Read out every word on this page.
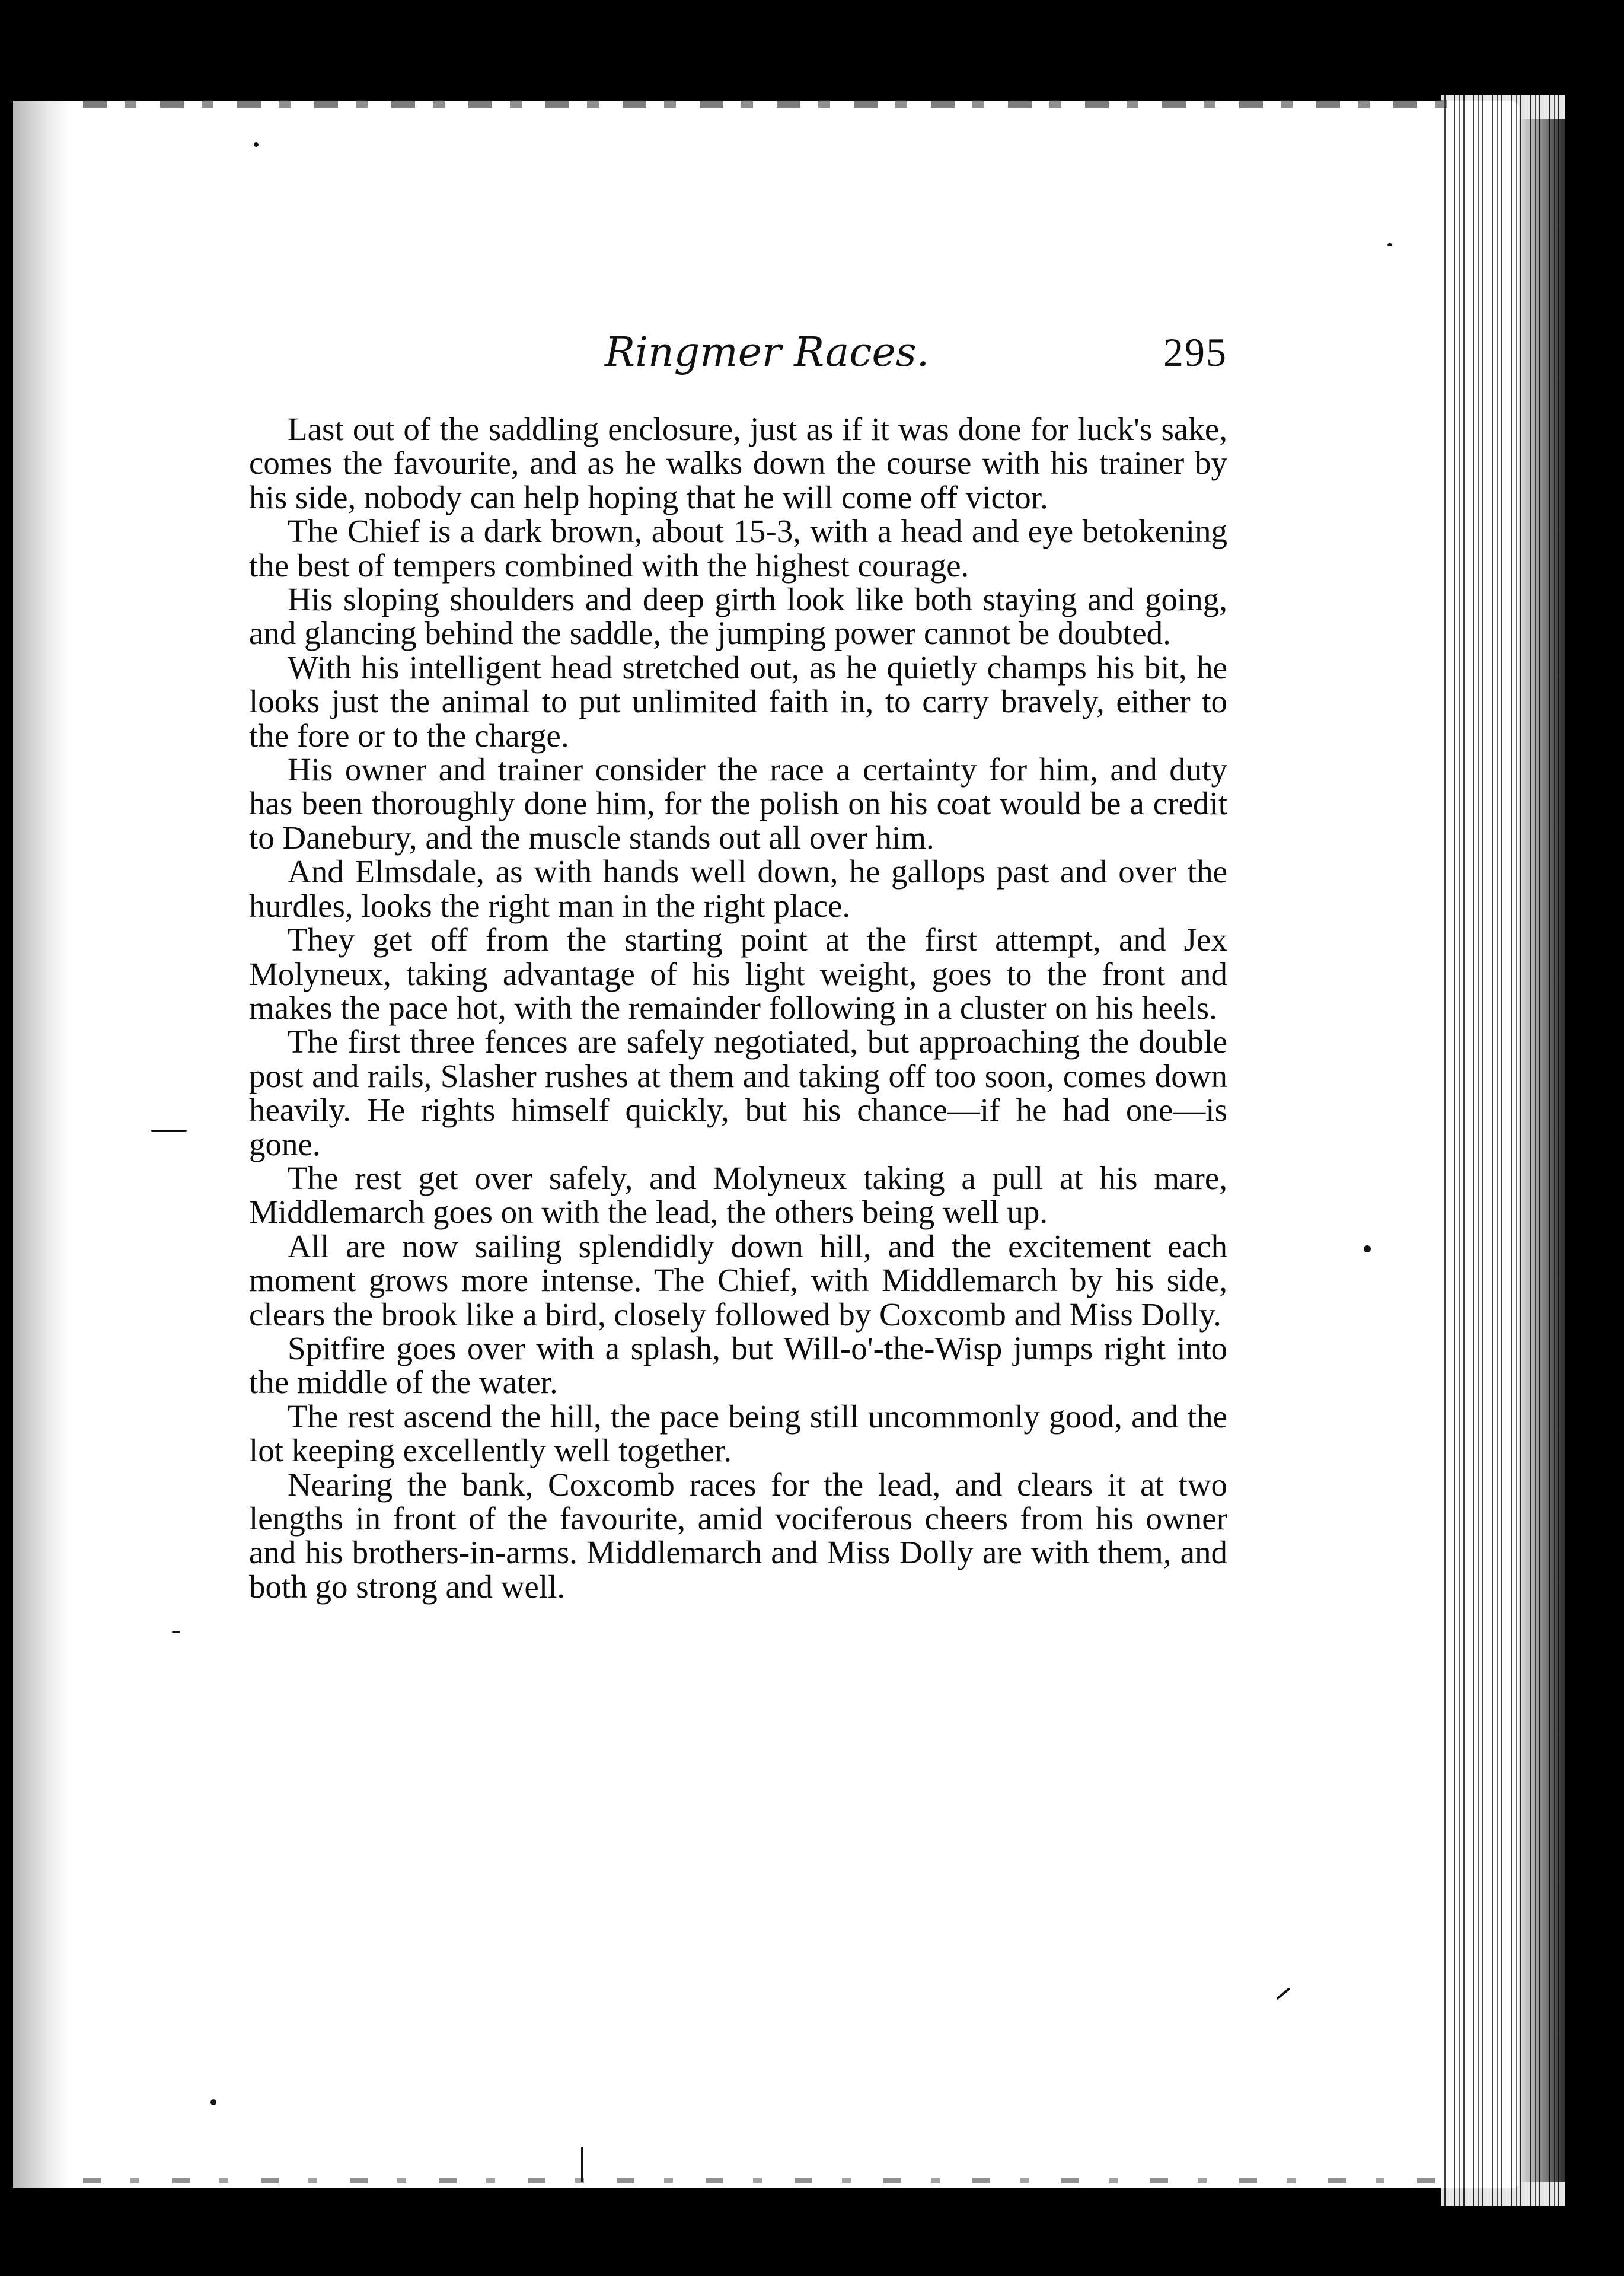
Ringmer Races.	295

Last out of the saddling enclosure, just as if it was done for luck's sake, comes the favourite, and as he walks down the course with his trainer by his side, nobody can help hoping that he will come off victor.

The Chief is a dark brown, about 15-3, with a head and eye betokening the best of tempers combined with the highest courage.

His sloping shoulders and deep girth look like both staying and going, and glancing behind the saddle, the jumping power cannot be doubted.

With his intelligent head stretched out, as he quietly champs his bit, he looks just the animal to put unlimited faith in, to carry bravely, either to the fore or to the charge.

His owner and trainer consider the race a certainty for him, and duty has been thoroughly done him, for the polish on his coat would be a credit to Danebury, and the muscle stands out all over him.

And Elmsdale, as with hands well down, he gallops past and over the hurdles, looks the right man in the right place.

They get off from the starting point at the first attempt, and Jex Molyneux, taking advantage of his light weight, goes to the front and makes the pace hot, with the remainder following in a cluster on his heels.

The first three fences are safely negotiated, but approaching the double post and rails, Slasher rushes at them and taking off too soon, comes down heavily. He rights himself quickly, but his chance—if he had one—is gone.

The rest get over safely, and Molyneux taking a pull at his mare, Middlemarch goes on with the lead, the others being well up.

All are now sailing splendidly down hill, and the excitement each moment grows more intense. The Chief, with Middlemarch by his side, clears the brook like a bird, closely followed by Coxcomb and Miss Dolly.

Spitfire goes over with a splash, but Will-o'-the-Wisp jumps right into the middle of the water.

The rest ascend the hill, the pace being still uncommonly good, and the lot keeping excellently well together.

Nearing the bank, Coxcomb races for the lead, and clears it at two lengths in front of the favourite, amid vociferous cheers from his owner and his brothers-in-arms. Middlemarch and Miss Dolly are with them, and both go strong and well.
